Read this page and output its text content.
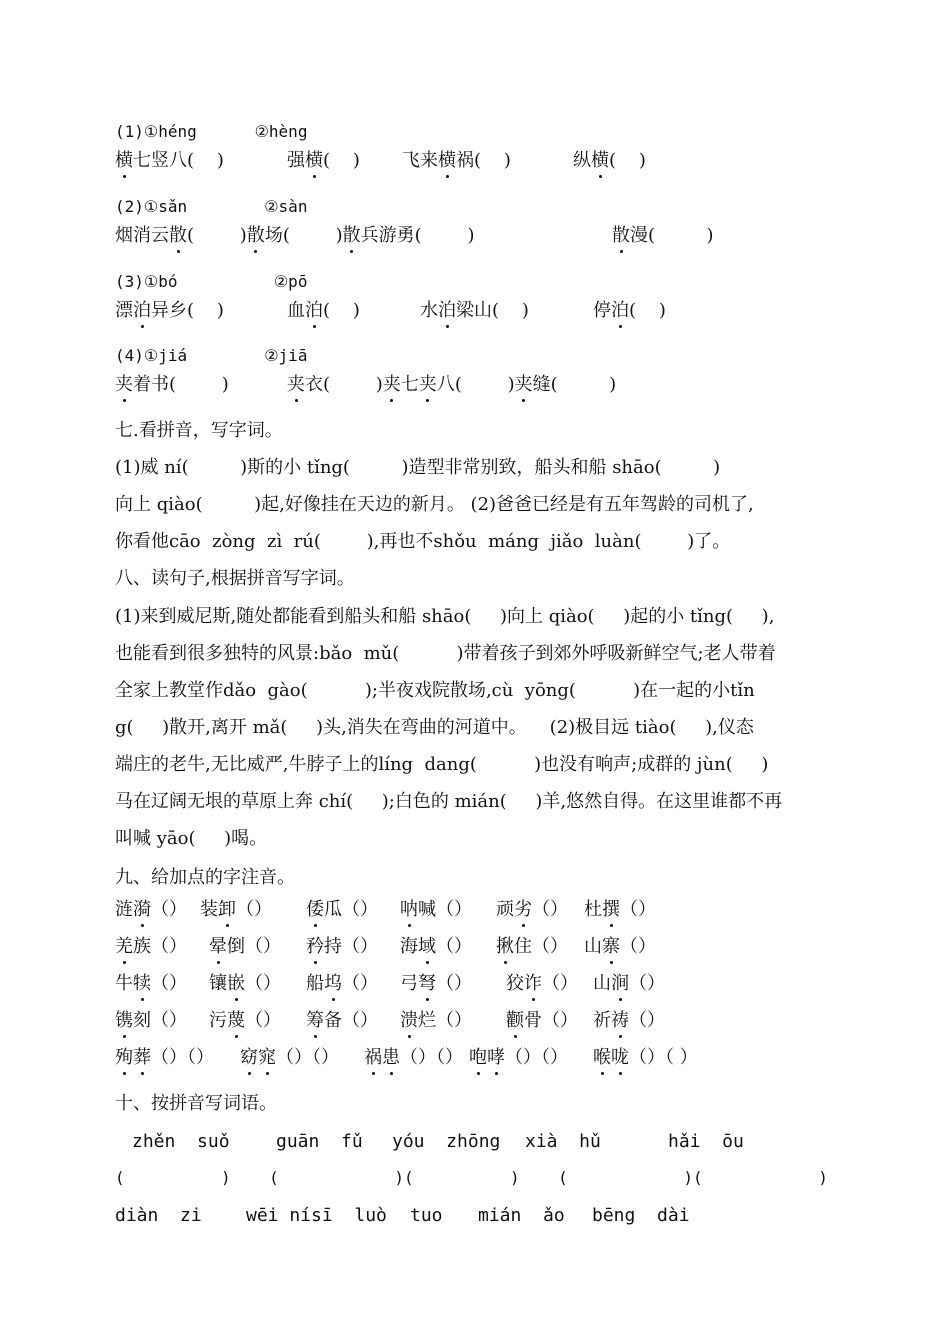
(1)①héng      ②hèng
横七竖八(    )	强横(    ) 飞来横祸(    )	纵横(    )
(2)①sǎn        ②sàn
烟消云散(        )散场(        )散兵游勇(        )	散漫(         )
(3)①bó          ②pō
漂泊异乡(    )	血泊(    )	水泊梁山(    )	停泊(    )
(4)①jiá        ②jiā
夹着书(        )	夹衣(        )夹七夹八(        )夹缝(         )
七.看拼音，写字词。
(1)威 ní(         )斯的小 tǐng(         )造型非常别致，船头和船 shāo(         )
向上 qiào(         )起,好像挂在天边的新月。 (2)爸爸已经是有五年驾龄的司机了,
你看他cāo  zòng  zì  rú(        ),再也不shǒu  máng  jiǎo  luàn(        )了。
八、读句子,根据拼音写字词。
(1)来到威尼斯,随处都能看到船头和船 shāo(     )向上 qiào(     )起的小 tǐng(     ),
也能看到很多独特的风景:bǎo  mǔ(          )带着孩子到郊外呼吸新鲜空气;老人带着
全家上教堂作dǎo  gào(          );半夜戏院散场,cù  yōng(          )在一起的小tǐn
g(     )散开,离开 mǎ(     )头,消失在弯曲的河道中。    (2)极目远 tiào(     ),仪态
端庄的老牛,无比威严,牛脖子上的líng  dang(          )也没有响声;成群的 jùn(     )
马在辽阔无垠的草原上奔 chí(     );白色的 mián(     )羊,悠然自得。在这里谁都不再
叫喊 yāo(     )喝。
九、给加点的字注音。
涟漪（） 装卸（） 倭瓜（） 呐喊（） 顽劣（） 杜撰（）
羌族（） 晕倒（） 矜持（） 海域（） 揪住（） 山寨（）
牛犊（） 镶嵌（） 船坞（） 弓弩（） 狡诈（） 山涧（）
镌刻（） 污蔑（） 筹备（） 溃烂（） 颧骨（） 祈祷（）
殉葬（）（） 窈窕（）（） 祸患（）（） 咆哮（）（） 喉咙（）（ ）
十、按拼音写词语。
zhěn  suǒ	guān  fǔ yóu  zhōng xià  hǔ	hǎi  ōu
(          )    (            )(          )    (            )(            )
diàn  zi wēi nísī  luò tuo mián  ǎo bēng  dài
